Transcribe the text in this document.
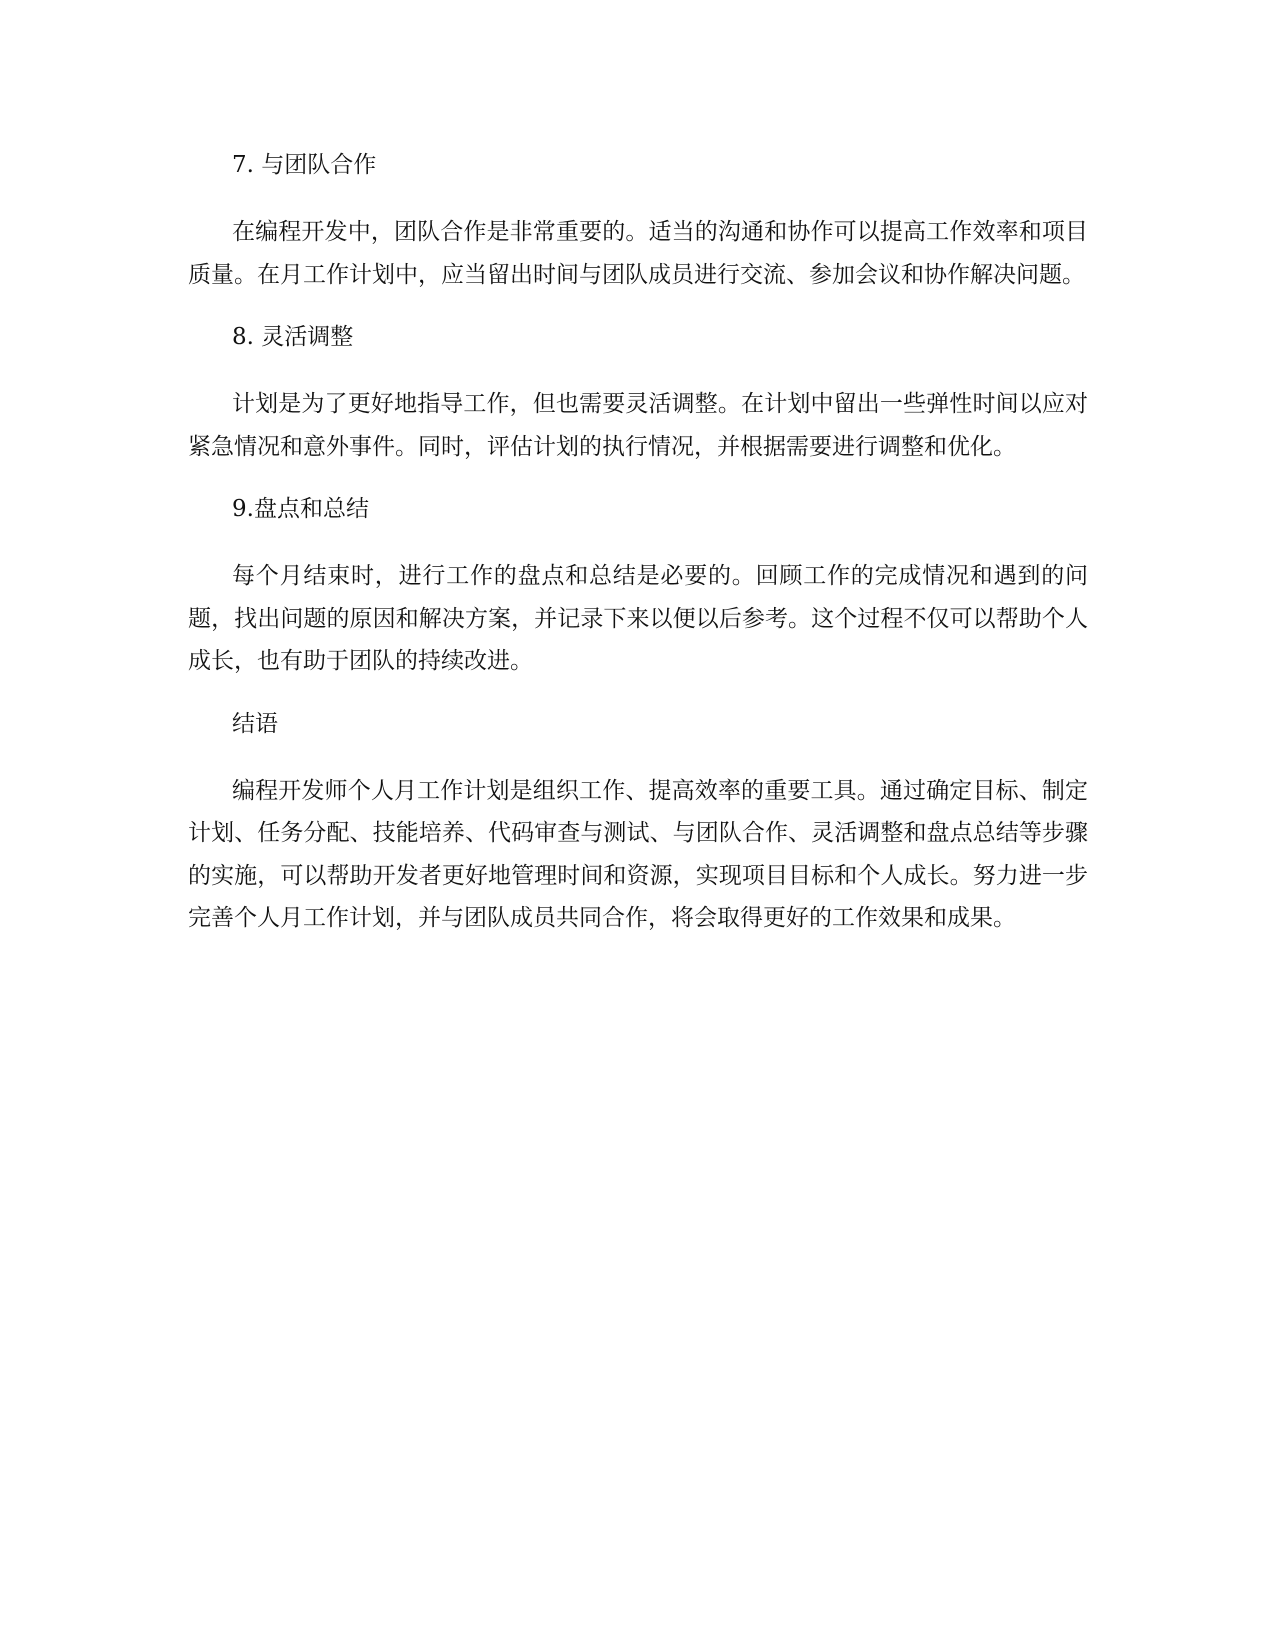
7. 与团队合作

在编程开发中，团队合作是非常重要的。适当的沟通和协作可以提高工作效率和项目质量。在月工作计划中，应当留出时间与团队成员进行交流、参加会议和协作解决问题。

8. 灵活调整

计划是为了更好地指导工作，但也需要灵活调整。在计划中留出一些弹性时间以应对紧急情况和意外事件。同时，评估计划的执行情况，并根据需要进行调整和优化。

9.盘点和总结

每个月结束时，进行工作的盘点和总结是必要的。回顾工作的完成情况和遇到的问题，找出问题的原因和解决方案，并记录下来以便以后参考。这个过程不仅可以帮助个人成长，也有助于团队的持续改进。

结语

编程开发师个人月工作计划是组织工作、提高效率的重要工具。通过确定目标、制定计划、任务分配、技能培养、代码审查与测试、与团队合作、灵活调整和盘点总结等步骤的实施，可以帮助开发者更好地管理时间和资源，实现项目目标和个人成长。努力进一步完善个人月工作计划，并与团队成员共同合作，将会取得更好的工作效果和成果。
